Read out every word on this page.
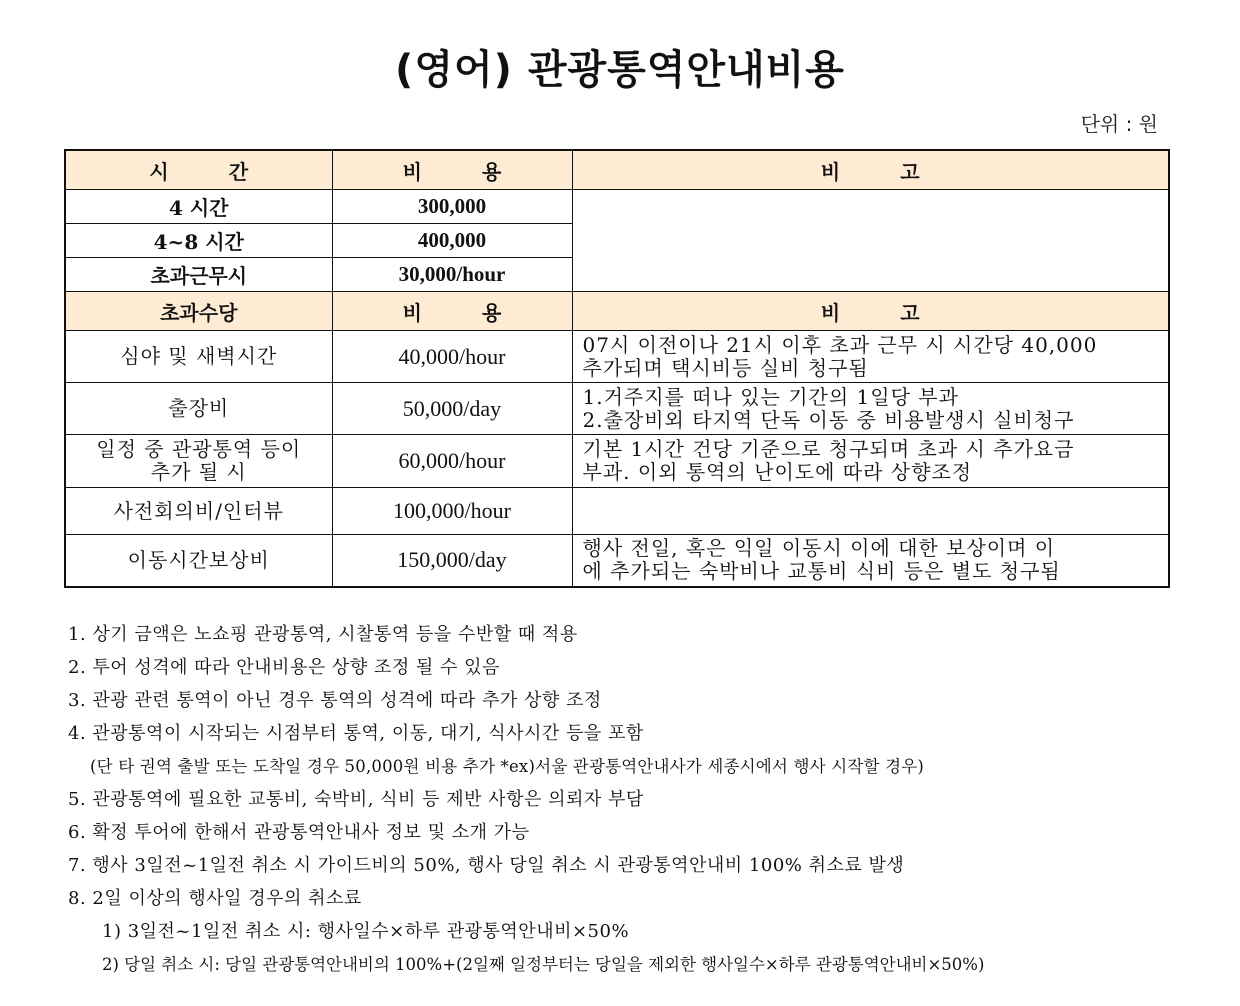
(영어) 관광통역안내비용
단위 : 원
시 간	비 용	비 고
4 시간	300,000	
4~8 시간	400,000	
초과근무시	30,000/hour	
초과수당	비 용	비 고
심야 및 새벽시간	40,000/hour	07시 이전이나 21시 이후 초과 근무 시 시간당 40,000
추가되며 택시비등 실비 청구됨

출장비	50,000/day	1.거주지를 떠나 있는 기간의 1일당 부과
2.출장비외 타지역 단독 이동 중 비용발생시 실비청구

일정 중 관광통역 등이
추가 될 시	60,000/hour	기본 1시간 건당 기준으로 청구되며 초과 시 추가요금
부과. 이외 통역의 난이도에 따라 상향조정

사전회의비/인터뷰	100,000/hour	
이동시간보상비	150,000/day	행사 전일, 혹은 익일 이동시 이에 대한 보상이며 이
에 추가되는 숙박비나 교통비 식비 등은 별도 청구됨
1. 상기 금액은 노쇼핑 관광통역, 시찰통역 등을 수반할 때 적용
2. 투어 성격에 따라 안내비용은 상향 조정 될 수 있음
3. 관광 관련 통역이 아닌 경우 통역의 성격에 따라 추가 상향 조정
4. 관광통역이 시작되는 시점부터 통역, 이동, 대기, 식사시간 등을 포함
(단 타 권역 출발 또는 도착일 경우 50,000원 비용 추가 *ex)서울 관광통역안내사가 세종시에서 행사 시작할 경우)
5. 관광통역에 필요한 교통비, 숙박비, 식비 등 제반 사항은 의뢰자 부담
6. 확정 투어에 한해서 관광통역안내사 정보 및 소개 가능
7. 행사 3일전~1일전 취소 시 가이드비의 50%, 행사 당일 취소 시 관광통역안내비 100% 취소료 발생
8. 2일 이상의 행사일 경우의 취소료
1) 3일전~1일전 취소 시: 행사일수×하루 관광통역안내비×50%
2) 당일 취소 시: 당일 관광통역안내비의 100%+(2일째 일정부터는 당일을 제외한 행사일수×하루 관광통역안내비×50%)
